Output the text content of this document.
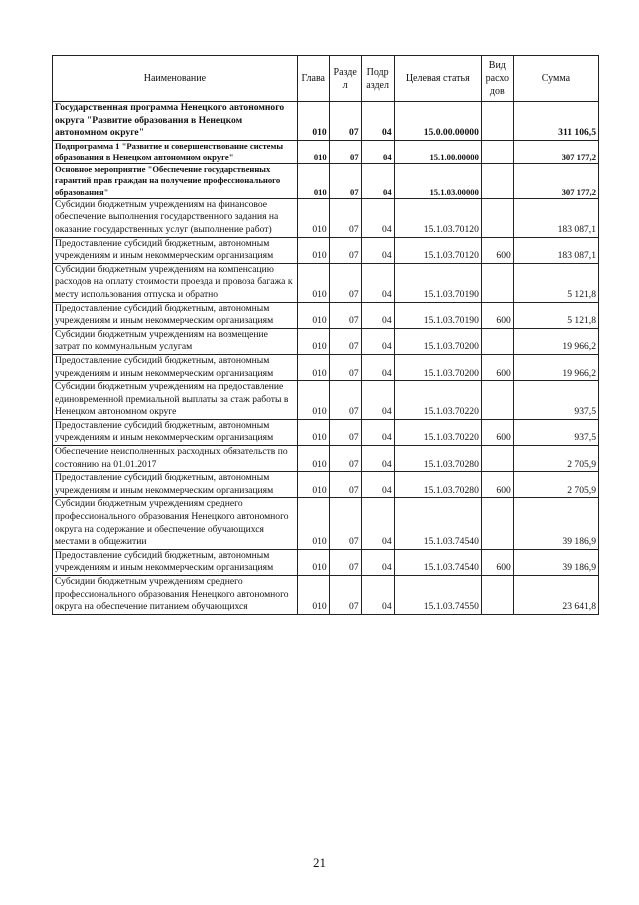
Наименование	Глава	Разде л	Подр аздел	Целевая статья	Вид расхо дов	Сумма
Государственная программа Ненецкого автономного округа "Развитие образования в Ненецком автономном округе"	010	07	04	15.0.00.00000		311 106,5
Подпрограмма 1 "Развитие и совершенствование системы образования в Ненецком автономном округе"	010	07	04	15.1.00.00000		307 177,2
Основное мероприятие "Обеспечение государственных гарантий прав граждан на получение профессионального образования"	010	07	04	15.1.03.00000		307 177,2
Субсидии бюджетным учреждениям на финансовое обеспечение выполнения государственного задания на оказание государственных услуг (выполнение работ)	010	07	04	15.1.03.70120		183 087,1
Предоставление субсидий бюджетным, автономным учреждениям и иным некоммерческим организациям	010	07	04	15.1.03.70120	600	183 087,1
Субсидии бюджетным учреждениям на компенсацию расходов на оплату стоимости проезда и провоза багажа к месту использования отпуска и обратно	010	07	04	15.1.03.70190		5 121,8
Предоставление субсидий бюджетным, автономным учреждениям и иным некоммерческим организациям	010	07	04	15.1.03.70190	600	5 121,8
Субсидии бюджетным учреждениям на возмещение затрат по коммунальным услугам	010	07	04	15.1.03.70200		19 966,2
Предоставление субсидий бюджетным, автономным учреждениям и иным некоммерческим организациям	010	07	04	15.1.03.70200	600	19 966,2
Субсидии бюджетным учреждениям на предоставление единовременной премиальной выплаты за стаж работы в Ненецком автономном округе	010	07	04	15.1.03.70220		937,5
Предоставление субсидий бюджетным, автономным учреждениям и иным некоммерческим организациям	010	07	04	15.1.03.70220	600	937,5
Обеспечение неисполненных расходных обязательств по состоянию на 01.01.2017	010	07	04	15.1.03.70280		2 705,9
Предоставление субсидий бюджетным, автономным учреждениям и иным некоммерческим организациям	010	07	04	15.1.03.70280	600	2 705,9
Субсидии бюджетным учреждениям среднего профессионального образования Ненецкого автономного округа на содержание и обеспечение обучающихся местами в общежитии	010	07	04	15.1.03.74540		39 186,9
Предоставление субсидий бюджетным, автономным учреждениям и иным некоммерческим организациям	010	07	04	15.1.03.74540	600	39 186,9
Субсидии бюджетным учреждениям среднего профессионального образования Ненецкого автономного округа на обеспечение питанием обучающихся	010	07	04	15.1.03.74550		23 641,8
21
